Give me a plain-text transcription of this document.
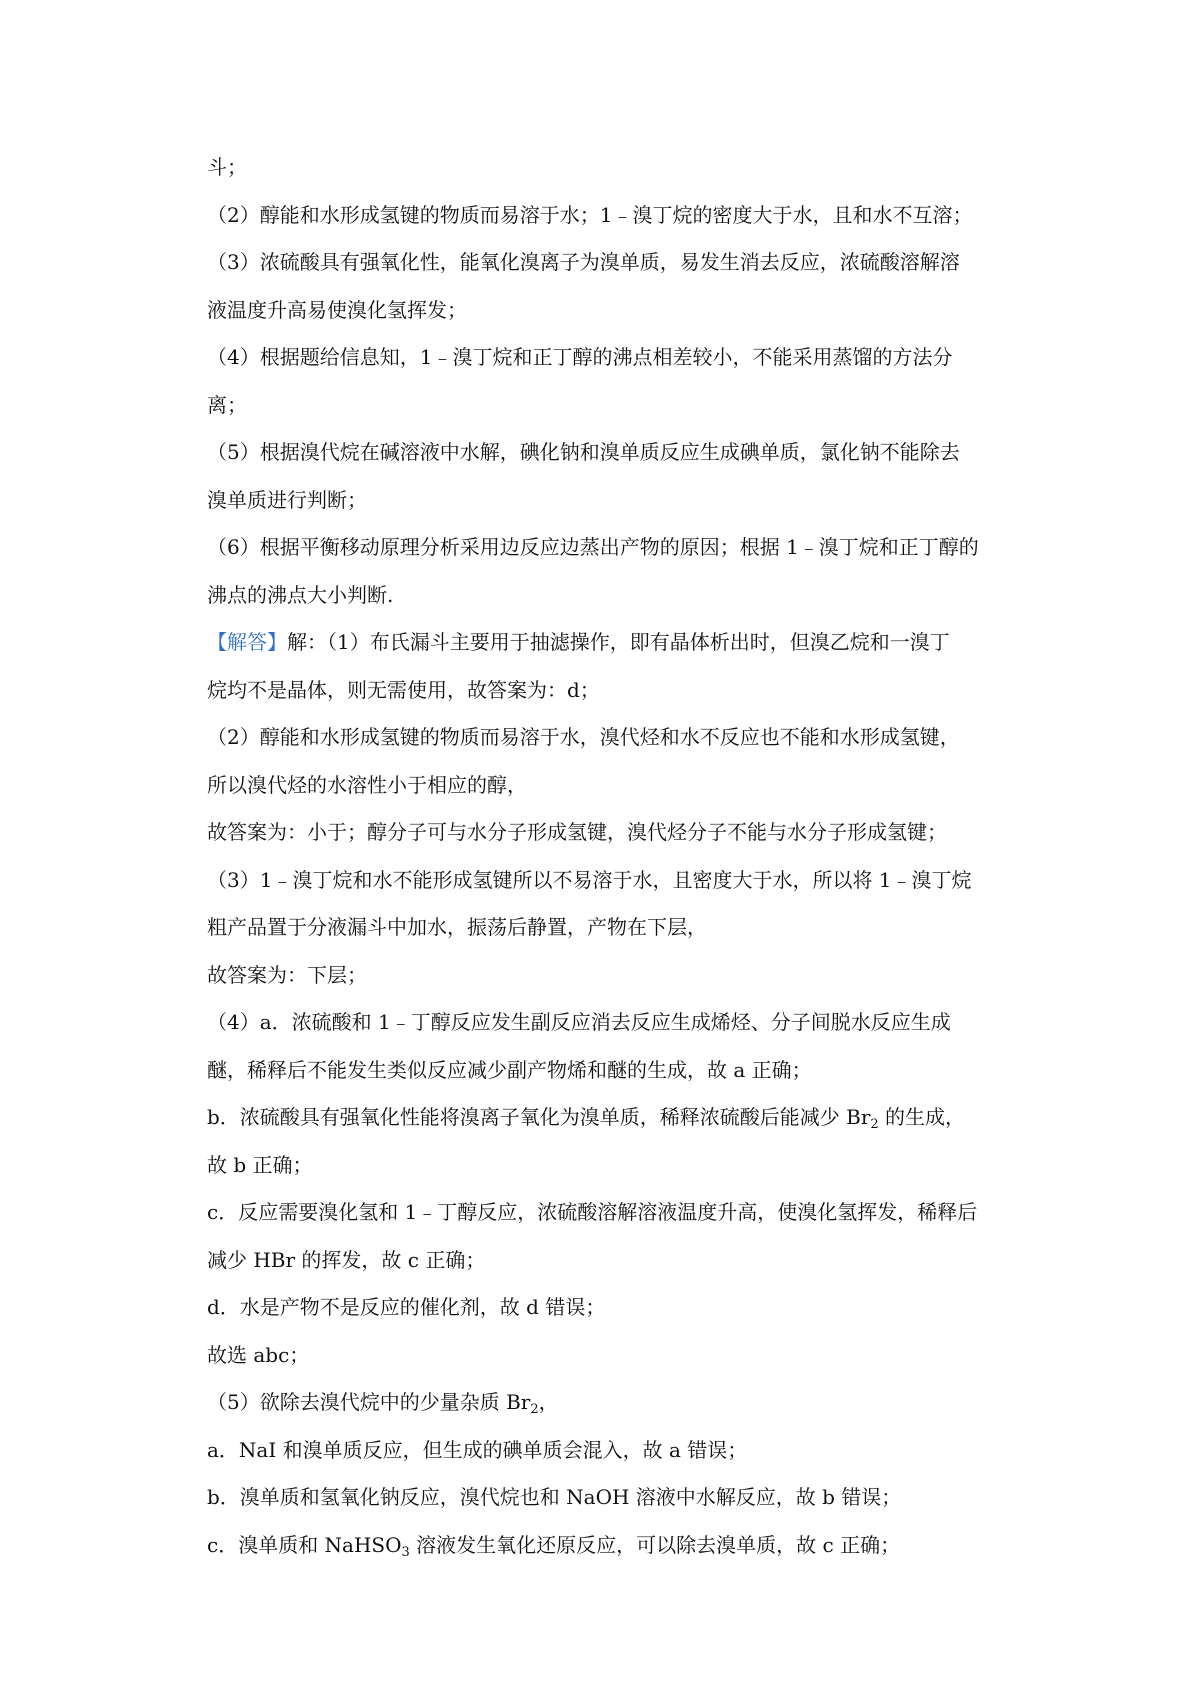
斗；
（2）醇能和水形成氢键的物质而易溶于水；1﹣溴丁烷的密度大于水，且和水不互溶；
（3）浓硫酸具有强氧化性，能氧化溴离子为溴单质，易发生消去反应，浓硫酸溶解溶
液温度升高易使溴化氢挥发；
（4）根据题给信息知，1﹣溴丁烷和正丁醇的沸点相差较小，不能采用蒸馏的方法分
离；
（5）根据溴代烷在碱溶液中水解，碘化钠和溴单质反应生成碘单质，氯化钠不能除去
溴单质进行判断；
（6）根据平衡移动原理分析采用边反应边蒸出产物的原因；根据 1﹣溴丁烷和正丁醇的
沸点的沸点大小判断.
【解答】解：（1）布氏漏斗主要用于抽滤操作，即有晶体析出时，但溴乙烷和一溴丁
烷均不是晶体，则无需使用，故答案为：d；
（2）醇能和水形成氢键的物质而易溶于水，溴代烃和水不反应也不能和水形成氢键，
所以溴代烃的水溶性小于相应的醇，
故答案为：小于；醇分子可与水分子形成氢键，溴代烃分子不能与水分子形成氢键；
（3）1﹣溴丁烷和水不能形成氢键所以不易溶于水，且密度大于水，所以将 1﹣溴丁烷
粗产品置于分液漏斗中加水，振荡后静置，产物在下层，
故答案为：下层；
（4）a．浓硫酸和 1﹣丁醇反应发生副反应消去反应生成烯烃、分子间脱水反应生成
醚，稀释后不能发生类似反应减少副产物烯和醚的生成，故 a 正确；
b．浓硫酸具有强氧化性能将溴离子氧化为溴单质，稀释浓硫酸后能减少 $Br_2$ 的生成，
故 b 正确；
c．反应需要溴化氢和 1﹣丁醇反应，浓硫酸溶解溶液温度升高，使溴化氢挥发，稀释后
减少 HBr 的挥发，故 c 正确；
d．水是产物不是反应的催化剂，故 d 错误；
故选 abc；
（5）欲除去溴代烷中的少量杂质 $Br_2$，
a．NaI 和溴单质反应，但生成的碘单质会混入，故 a 错误；
b．溴单质和氢氧化钠反应，溴代烷也和 NaOH 溶液中水解反应，故 b 错误；
c．溴单质和 NaHSO$_3$ 溶液发生氧化还原反应，可以除去溴单质，故 c 正确；
